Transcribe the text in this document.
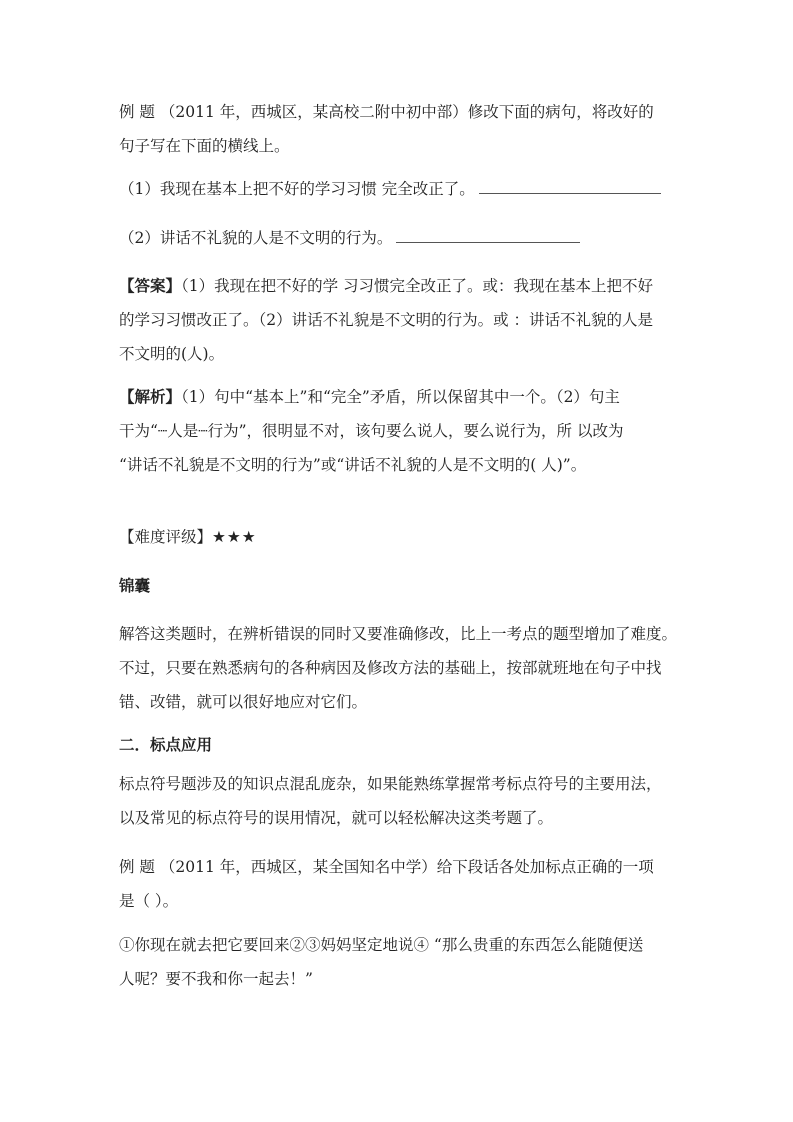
例 题 （2011 年，西城区，某高校二附中初中部）修改下面的病句，将改好的
句子写在下面的横线上。
（1）我现在基本上把不好的学习习惯 完全改正了。
（2）讲话不礼貌的人是不文明的行为。
【答案】（1）我现在把不好的学 习习惯完全改正了。或：我现在基本上把不好
的学习习惯改正了。（2）讲话不礼貌是不文明的行为。或 ：讲话不礼貌的人是
不文明的(人)。
【解析】（1）句中“基本上”和“完全”矛盾，所以保留其中一个。（2）句主
干为“┈人是┈行为”，很明显不对，该句要么说人，要么说行为，所 以改为
“讲话不礼貌是不文明的行为”或“讲话不礼貌的人是不文明的( 人)”。
【难度评级】★★★
锦囊
解答这类题时，在辨析错误的同时又要准确修改，比上一考点的题型增加了难度。
不过，只要在熟悉病句的各种病因及修改方法的基础上，按部就班地在句子中找
错、改错，就可以很好地应对它们。
二．标点应用
标点符号题涉及的知识点混乱庞杂，如果能熟练掌握常考标点符号的主要用法，
以及常见的标点符号的误用情况，就可以轻松解决这类考题了。
例 题 （2011 年，西城区，某全国知名中学）给下段话各处加标点正确的一项
是（ ）。
①你现在就去把它要回来②③妈妈坚定地说④ “那么贵重的东西怎么能随便送
人呢？要不我和你一起去！”
